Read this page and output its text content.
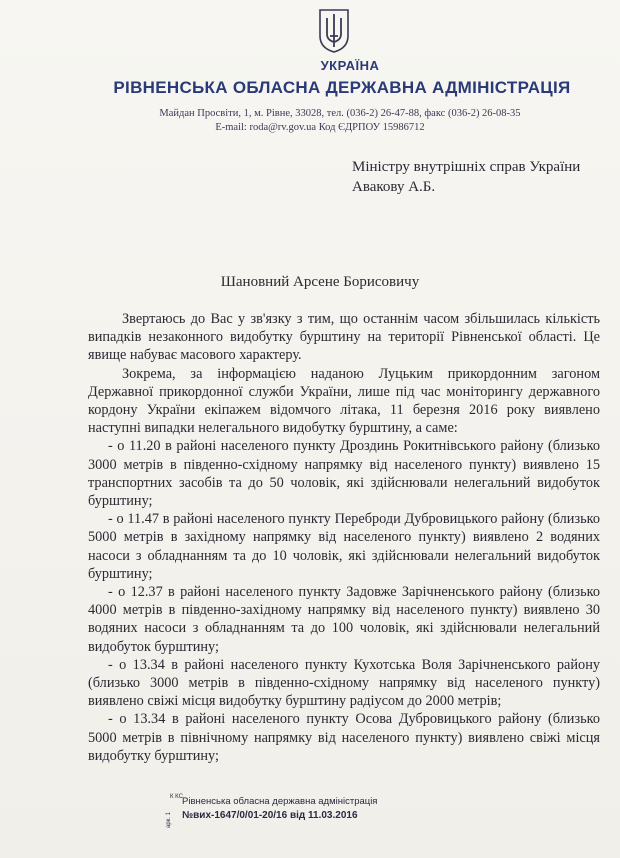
УКРАЇНА
РІВНЕНСЬКА ОБЛАСНА ДЕРЖАВНА АДМІНІСТРАЦІЯ
Майдан Просвіти, 1, м. Рівне, 33028, тел. (036-2) 26-47-88, факс (036-2) 26-08-35
E-mail: roda@rv.gov.ua Код ЄДРПОУ 15986712
Міністру внутрішніх справ України
Авакову А.Б.
Шановний Арсене Борисовичу

Звертаюсь до Вас у зв'язку з тим, що останнім часом збільшилась кількість випадків незаконного видобутку бурштину на території Рівненської області. Це явище набуває масового характеру.

Зокрема, за інформацією наданою Луцьким прикордонним загоном Державної прикордонної служби України, лише під час моніторингу державного кордону України екіпажем відомчого літака, 11 березня 2016 року виявлено наступні випадки нелегального видобутку бурштину, а саме:

- о 11.20 в районі населеного пункту Дроздинь Рокитнівського району (близько 3000 метрів в південно-східному напрямку від населеного пункту) виявлено 15 транспортних засобів та до 50 чоловік, які здійснювали нелегальний видобуток бурштину;

- о 11.47 в районі населеного пункту Переброди Дубровицького району (близько 5000 метрів в західному напрямку від населеного пункту) виявлено 2 водяних насоси з обладнанням та до 10 чоловік, які здійснювали нелегальний видобуток бурштину;

- о 12.37 в районі населеного пункту Задовже Зарічненського району (близько 4000 метрів в південно-західному напрямку від населеного пункту) виявлено 30 водяних насоси з обладнанням та до 100 чоловік, які здійснювали нелегальний видобуток бурштину;

- о 13.34 в районі населеного пункту Кухотська Воля Зарічненського району (близько 3000 метрів в південно-східному напрямку від населеного пункту) виявлено свіжі місця видобутку бурштину радіусом до 2000 метрів;

- о 13.34 в районі населеного пункту Осова Дубровицького району (близько 5000 метрів в північному напрямку від населеного пункту) виявлено свіжі місця видобутку бурштину;

К КС Рівненська обласна державна адміністрація
№вих-1647/0/01-20/16 від 11.03.2016
арк. 1
